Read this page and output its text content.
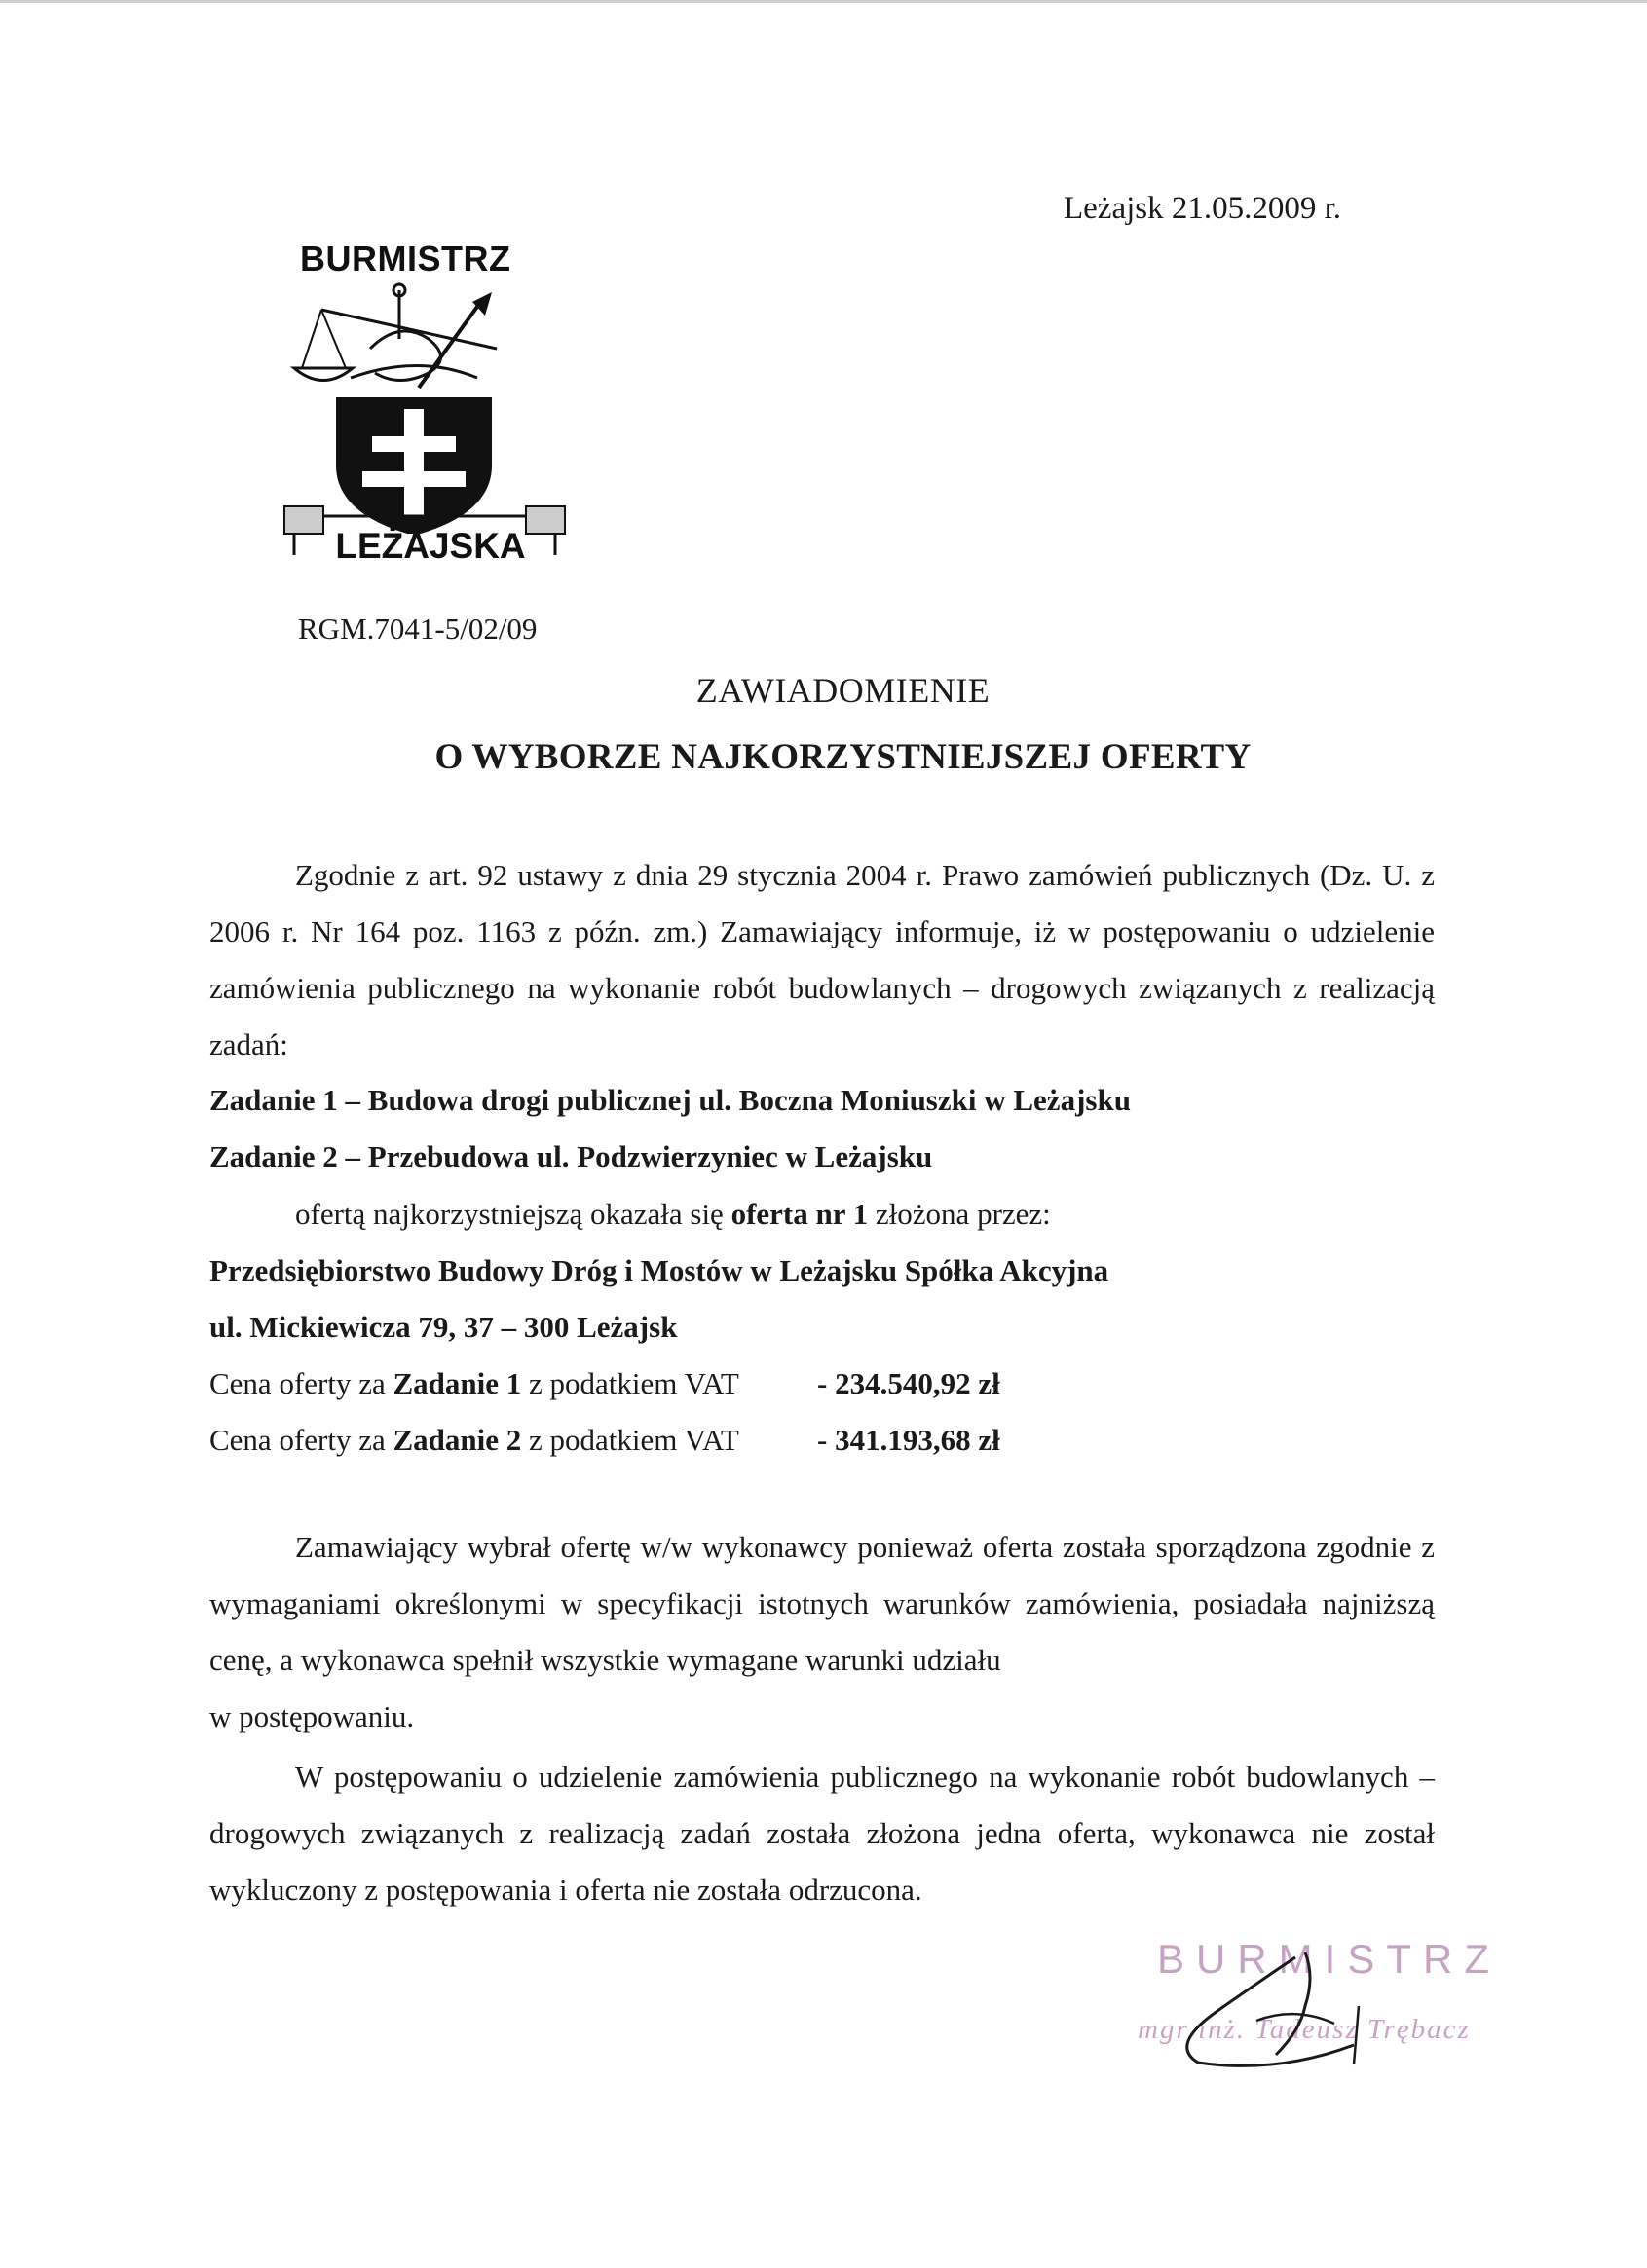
Leżajsk 21.05.2009 r.
BURMISTRZ
LEŻAJSKA
RGM.7041-5/02/09
ZAWIADOMIENIE
O WYBORZE NAJKORZYSTNIEJSZEJ OFERTY
Zgodnie z art. 92 ustawy z dnia 29 stycznia 2004 r. Prawo zamówień publicznych (Dz. U. z 2006 r. Nr 164 poz. 1163 z późn. zm.) Zamawiający informuje, iż w postępowaniu o udzielenie zamówienia publicznego na wykonanie robót budowlanych – drogowych związanych z realizacją zadań:
Zadanie 1 – Budowa drogi publicznej ul. Boczna Moniuszki w Leżajsku
Zadanie 2 – Przebudowa ul. Podzwierzyniec w Leżajsku
ofertą najkorzystniejszą okazała się oferta nr 1 złożona przez:
Przedsiębiorstwo Budowy Dróg i Mostów w Leżajsku Spółka Akcyjna
ul. Mickiewicza 79, 37 – 300 Leżajsk
Cena oferty za Zadanie 1 z podatkiem VAT	- 234.540,92 zł
Cena oferty za Zadanie 2 z podatkiem VAT	- 341.193,68 zł
Zamawiający wybrał ofertę w/w wykonawcy ponieważ oferta została sporządzona zgodnie z wymaganiami określonymi w specyfikacji istotnych warunków zamówienia, posiadała najniższą cenę, a wykonawca spełnił wszystkie wymagane warunki udziału
w postępowaniu.
W postępowaniu o udzielenie zamówienia publicznego na wykonanie robót budowlanych – drogowych związanych z realizacją zadań została złożona jedna oferta, wykonawca nie został wykluczony z postępowania i oferta nie została odrzucona.
BURMISTRZ
mgr inż. Tadeusz Trębacz
